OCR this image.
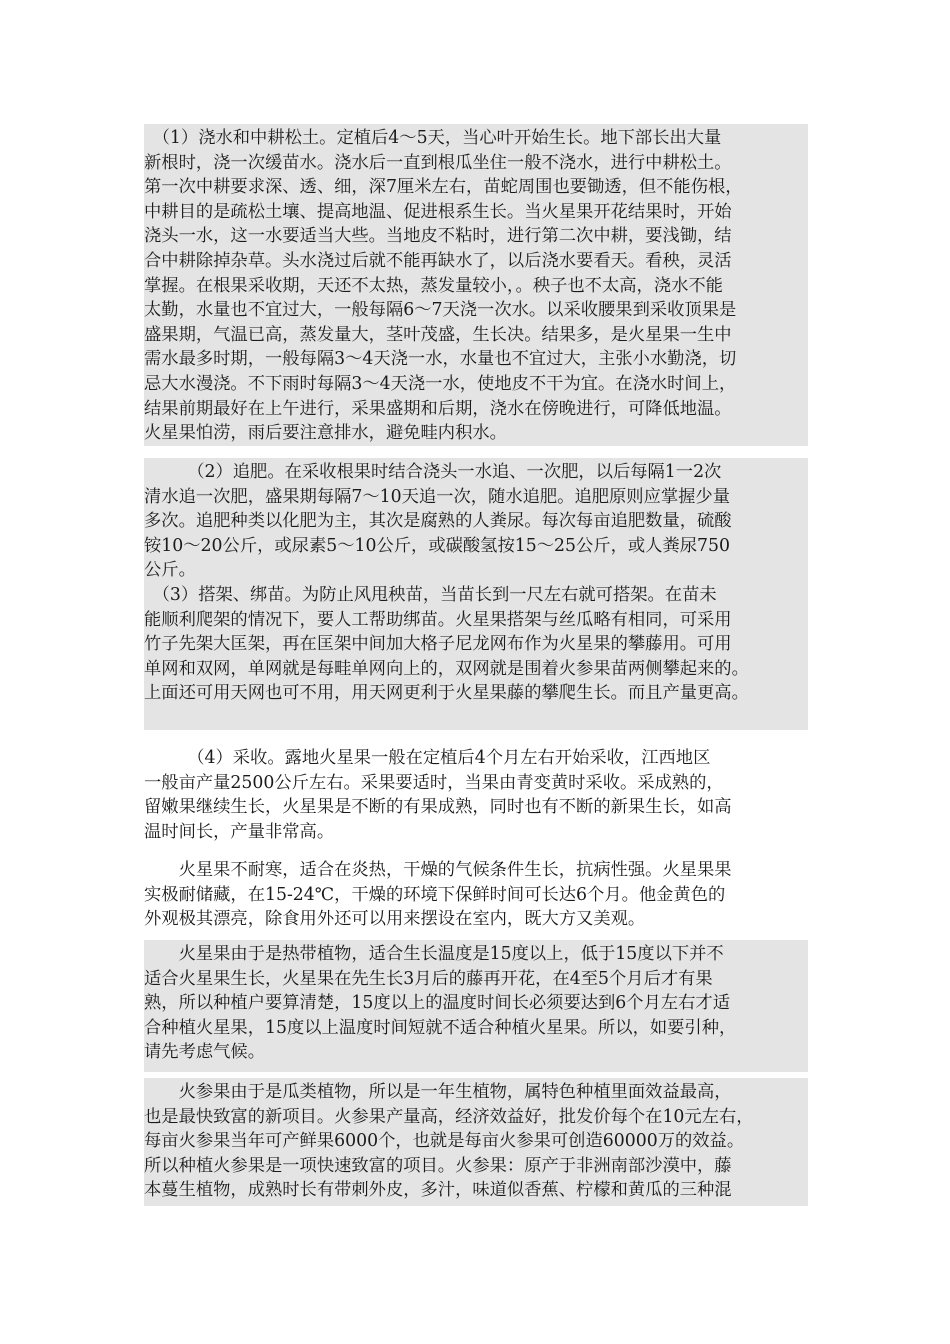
　（1）浇水和中耕松土。定植后4～5天，当心叶开始生长。地下部长出大量
新根时，浇一次缓苗水。浇水后一直到根瓜坐住一般不浇水，进行中耕松土。
第一次中耕要求深、透、细，深7厘米左右，苗蛇周围也要锄透，但不能伤根，
中耕目的是疏松土壤、提高地温、促进根系生长。当火星果开花结果时，开始
浇头一水，这一水要适当大些。当地皮不粘时，进行第二次中耕，要浅锄，结
合中耕除掉杂草。头水浇过后就不能再缺水了，以后浇水要看天。看秧，灵活
掌握。在根果采收期，天还不太热，蒸发量较小，。秧子也不太高，浇水不能
太勤，水量也不宜过大，一般每隔6～7天浇一次水。以采收腰果到采收顶果是
盛果期，气温已高，蒸发量大，茎叶茂盛，生长决。结果多，是火星果一生中
需水最多时期，一般每隔3～4天浇一水，水量也不宜过大，主张小水勤浇，切
忌大水漫浇。不下雨时每隔3～4天浇一水，使地皮不干为宜。在浇水时间上，
结果前期最好在上午进行，采果盛期和后期，浇水在傍晚进行，可降低地温。
火星果怕涝，雨后要注意排水，避免畦内积水。
　　　（2）追肥。在采收根果时结合浇头一水追、一次肥，以后每隔1一2次
清水追一次肥，盛果期每隔7～10天追一次，随水追肥。追肥原则应掌握少量
多次。追肥种类以化肥为主，其次是腐熟的人粪尿。每次每亩追肥数量，硫酸
铵10～20公斤，或尿素5～10公斤，或碳酸氢按15～25公斤，或人粪尿750
公斤。
　（3）搭架、绑苗。为防止风甩秧苗，当苗长到一尺左右就可搭架。在苗未
能顺利爬架的情况下，要人工帮助绑苗。火星果搭架与丝瓜略有相同，可采用
竹子先架大匡架，再在匡架中间加大格子尼龙网布作为火星果的攀藤用。可用
单网和双网，单网就是每畦单网向上的，双网就是围着火参果苗两侧攀起来的。
上面还可用天网也可不用，用天网更利于火星果藤的攀爬生长。而且产量更高。
　　　（4）采收。露地火星果一般在定植后4个月左右开始采收，江西地区
一般亩产量2500公斤左右。采果要适时，当果由青变黄时采收。采成熟的，
留嫩果继续生长，火星果是不断的有果成熟，同时也有不断的新果生长，如高
温时间长，产量非常高。
　　火星果不耐寒，适合在炎热，干燥的气候条件生长，抗病性强。火星果果
实极耐储藏，在15-24℃，干燥的环境下保鲜时间可长达6个月。他金黄色的
外观极其漂亮，除食用外还可以用来摆设在室内，既大方又美观。
　　火星果由于是热带植物，适合生长温度是15度以上，低于15度以下并不
适合火星果生长，火星果在先生长3月后的藤再开花，在4至5个月后才有果
熟，所以种植户要算清楚，15度以上的温度时间长必须要达到6个月左右才适
合种植火星果，15度以上温度时间短就不适合种植火星果。所以，如要引种，
请先考虑气候。
　　火参果由于是瓜类植物，所以是一年生植物，属特色种植里面效益最高，
也是最快致富的新项目。火参果产量高，经济效益好，批发价每个在10元左右，
每亩火参果当年可产鲜果6000个，也就是每亩火参果可创造60000万的效益。
所以种植火参果是一项快速致富的项目。火参果：原产于非洲南部沙漠中，藤
本蔓生植物，成熟时长有带刺外皮，多汁，味道似香蕉、柠檬和黄瓜的三种混
